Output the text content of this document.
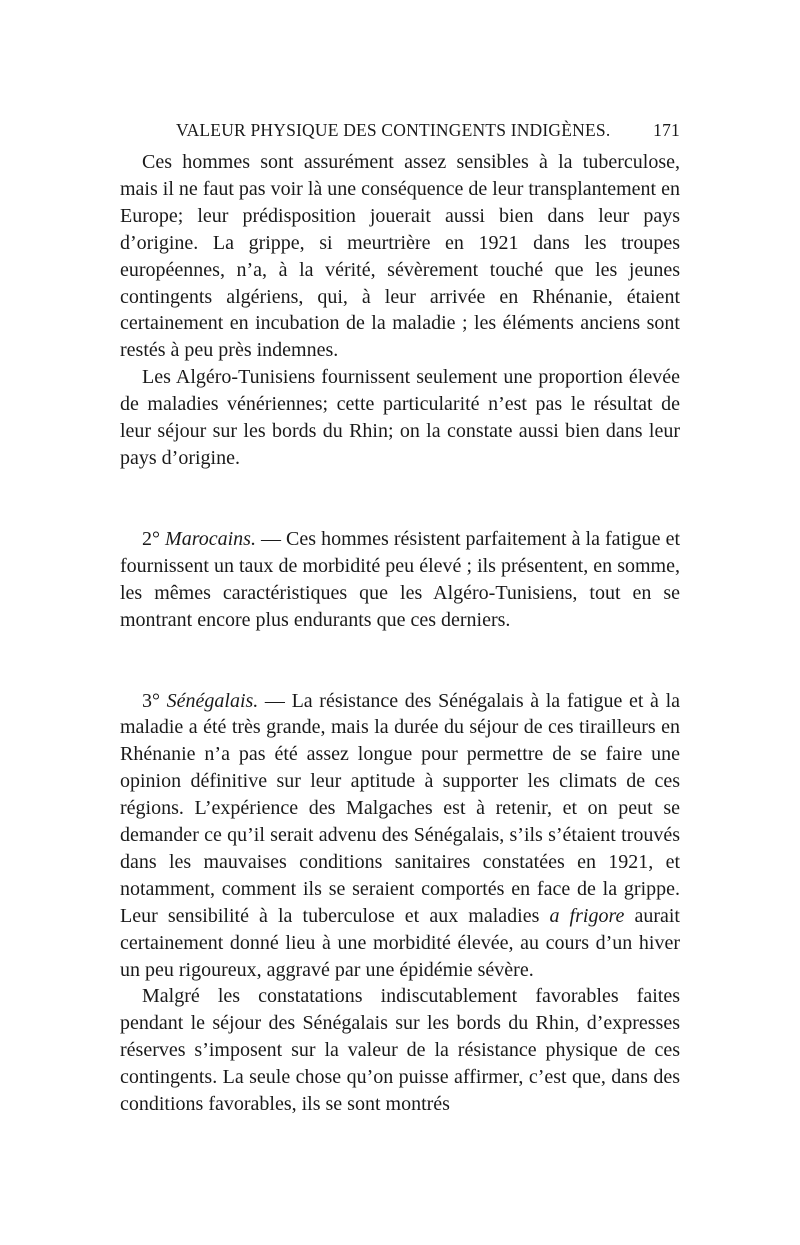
VALEUR PHYSIQUE DES CONTINGENTS INDIGÈNES. 171

Ces hommes sont assurément assez sensibles à la tuberculose, mais il ne faut pas voir là une conséquence de leur transplantement en Europe; leur prédisposition jouerait aussi bien dans leur pays d’origine. La grippe, si meurtrière en 1921 dans les troupes européennes, n’a, à la vérité, sévèrement touché que les jeunes contingents algériens, qui, à leur arrivée en Rhénanie, étaient certainement en incubation de la maladie ; les éléments anciens sont restés à peu près indemnes.

Les Algéro-Tunisiens fournissent seulement une proportion élevée de maladies vénériennes; cette particularité n’est pas le résultat de leur séjour sur les bords du Rhin; on la constate aussi bien dans leur pays d’origine.

2° Marocains. — Ces hommes résistent parfaitement à la fatigue et fournissent un taux de morbidité peu élevé ; ils présentent, en somme, les mêmes caractéristiques que les Algéro-Tunisiens, tout en se montrant encore plus endurants que ces derniers.

3° Sénégalais. — La résistance des Sénégalais à la fatigue et à la maladie a été très grande, mais la durée du séjour de ces tirailleurs en Rhénanie n’a pas été assez longue pour permettre de se faire une opinion définitive sur leur aptitude à supporter les climats de ces régions. L’expérience des Malgaches est à retenir, et on peut se demander ce qu’il serait advenu des Sénégalais, s’ils s’étaient trouvés dans les mauvaises conditions sanitaires constatées en 1921, et notamment, comment ils se seraient comportés en face de la grippe. Leur sensibilité à la tuberculose et aux maladies a frigore aurait certainement donné lieu à une morbidité élevée, au cours d’un hiver un peu rigoureux, aggravé par une épidémie sévère.

Malgré les constatations indiscutablement favorables faites pendant le séjour des Sénégalais sur les bords du Rhin, d’expresses réserves s’imposent sur la valeur de la résistance physique de ces contingents. La seule chose qu’on puisse affirmer, c’est que, dans des conditions favorables, ils se sont montrés
